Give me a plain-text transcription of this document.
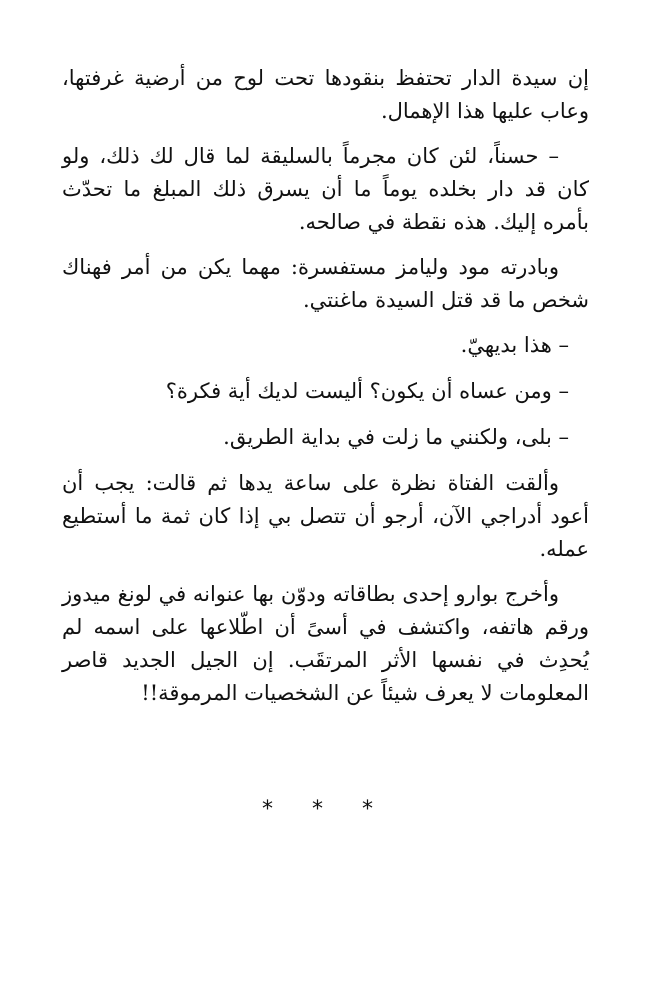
إن سيدة الدار تحتفظ بنقودها تحت لوح من أرضية غرفتها، وعاب عليها هذا الإهمال.

– حسناً، لئن كان مجرماً بالسليقة لما قال لك ذلك، ولو كان قد دار بخلده يوماً ما أن يسرق ذلك المبلغ ما تحدّث بأمره إليك. هذه نقطة في صالحه.

وبادرته مود وليامز مستفسرة: مهما يكن من أمر فهناك شخص ما قد قتل السيدة ماغنتي.

– هذا بديهيّ.

– ومن عساه أن يكون؟ أليست لديك أية فكرة؟

– بلى، ولكنني ما زلت في بداية الطريق.

وألقت الفتاة نظرة على ساعة يدها ثم قالت: يجب أن أعود أدراجي الآن، أرجو أن تتصل بي إذا كان ثمة ما أستطيع عمله.

وأخرج بوارو إحدى بطاقاته ودوّن بها عنوانه في لونغ ميدوز ورقم هاتفه، واكتشف في أسىً أن اطّلاعها على اسمه لم يُحدِث في نفسها الأثر المرتقَب. إن الجيل الجديد قاصر المعلومات لا يعرف شيئاً عن الشخصيات المرموقة!!

* * *
